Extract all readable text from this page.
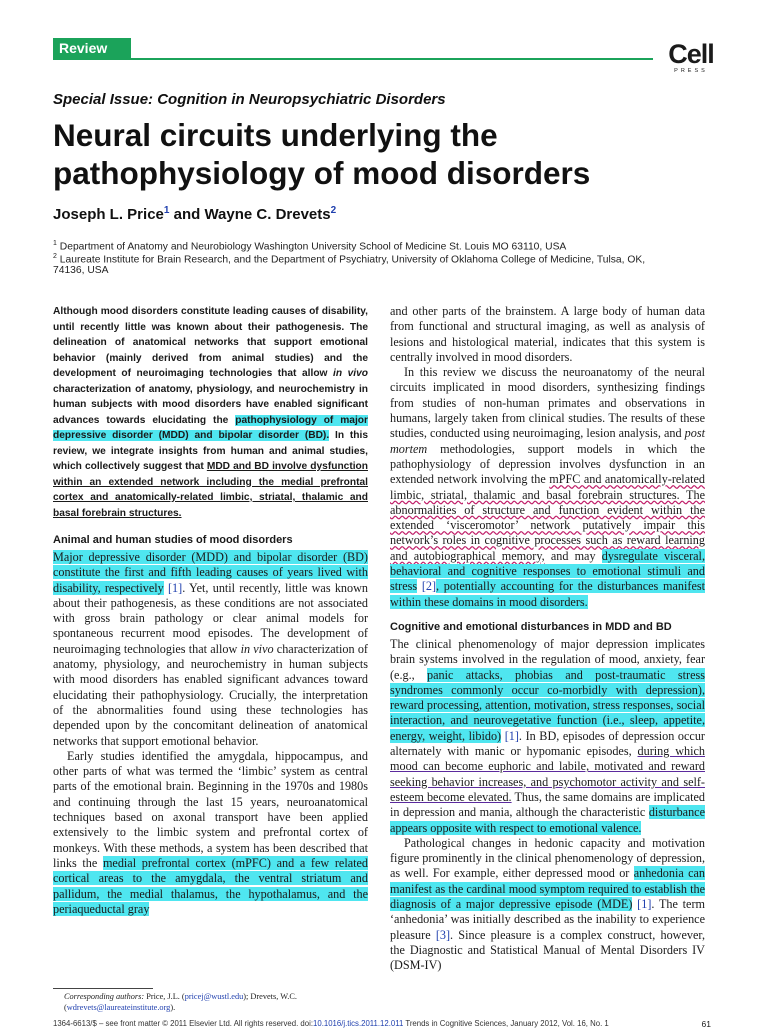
Review	Cell
PRESS
Special Issue: Cognition in Neuropsychiatric Disorders
Neural circuits underlying the
pathophysiology of mood disorders
Joseph L. Price$^1$ and Wayne C. Drevets$^2$
$^1$ Department of Anatomy and Neurobiology Washington University School of Medicine St. Louis MO 63110, USA
$^2$ Laureate Institute for Brain Research, and the Department of Psychiatry, University of Oklahoma College of Medicine, Tulsa, OK,
74136, USA

Although mood disorders constitute leading causes of disability, until recently little was known about their pathogenesis. The delineation of anatomical networks that support emotional behavior (mainly derived from animal studies) and the development of neuroimaging technologies that allow in vivo characterization of anatomy, physiology, and neurochemistry in human subjects with mood disorders have enabled significant advances towards elucidating the pathophysiology of major depressive disorder (MDD) and bipolar disorder (BD). In this review, we integrate insights from human and animal studies, which collectively suggest that MDD and BD involve dysfunction within an extended network including the medial prefrontal cortex and anatomically-related limbic, striatal, thalamic and basal forebrain structures.

Animal and human studies of mood disorders

Major depressive disorder (MDD) and bipolar disorder (BD) constitute the first and fifth leading causes of years lived with disability, respectively [1]. Yet, until recently, little was known about their pathogenesis, as these conditions are not associated with gross brain pathology or clear animal models for spontaneous recurrent mood episodes. The development of neuroimaging technologies that allow in vivo characterization of anatomy, physiology, and neurochemistry in human subjects with mood disorders has enabled significant advances toward elucidating their pathophysiology. Crucially, the interpretation of the abnormalities found using these technologies has depended upon by the concomitant delineation of anatomical networks that support emotional behavior.

Early studies identified the amygdala, hippocampus, and other parts of what was termed the ‘limbic’ system as central parts of the emotional brain. Beginning in the 1970s and 1980s and continuing through the last 15 years, neuroanatomical techniques based on axonal transport have been applied extensively to the limbic system and prefrontal cortex of monkeys. With these methods, a system has been described that links the medial prefrontal cortex (mPFC) and a few related cortical areas to the amygdala, the ventral striatum and pallidum, the medial thalamus, the hypothalamus, and the periaqueductal gray

and other parts of the brainstem. A large body of human data from functional and structural imaging, as well as analysis of lesions and histological material, indicates that this system is centrally involved in mood disorders.

In this review we discuss the neuroanatomy of the neural circuits implicated in mood disorders, synthesizing findings from studies of non-human primates and observations in humans, largely taken from clinical studies. The results of these studies, conducted using neuroimaging, lesion analysis, and post mortem methodologies, support models in which the pathophysiology of depression involves dysfunction in an extended network involving the mPFC and anatomically-related limbic, striatal, thalamic and basal forebrain structures. The abnormalities of structure and function evident within the extended ‘visceromotor’ network putatively impair this network’s roles in cognitive processes such as reward learning and autobiographical memory, and may dysregulate visceral, behavioral and cognitive responses to emotional stimuli and stress [2], potentially accounting for the disturbances manifest within these domains in mood disorders.

Cognitive and emotional disturbances in MDD and BD

The clinical phenomenology of major depression implicates brain systems involved in the regulation of mood, anxiety, fear (e.g., panic attacks, phobias and post-traumatic stress syndromes commonly occur co-morbidly with depression), reward processing, attention, motivation, stress responses, social interaction, and neurovegetative function (i.e., sleep, appetite, energy, weight, libido) [1]. In BD, episodes of depression occur alternately with manic or hypomanic episodes, during which mood can become euphoric and labile, motivated and reward seeking behavior increases, and psychomotor activity and self-esteem become elevated. Thus, the same domains are implicated in depression and mania, although the characteristic disturbance appears opposite with respect to emotional valence.

Pathological changes in hedonic capacity and motivation figure prominently in the clinical phenomenology of depression, as well. For example, either depressed mood or anhedonia can manifest as the cardinal mood symptom required to establish the diagnosis of a major depressive episode (MDE) [1]. The term ‘anhedonia’ was initially described as the inability to experience pleasure [3]. Since pleasure is a complex construct, however, the Diagnostic and Statistical Manual of Mental Disorders IV (DSM-IV)

Corresponding authors: Price, J.L. (pricej@wustl.edu); Drevets, W.C.
(wdrevets@laureateinstitute.org).
1364-6613/$ – see front matter © 2011 Elsevier Ltd. All rights reserved. doi:10.1016/j.tics.2011.12.011 Trends in Cognitive Sciences, January 2012, Vol. 16, No. 1	61
